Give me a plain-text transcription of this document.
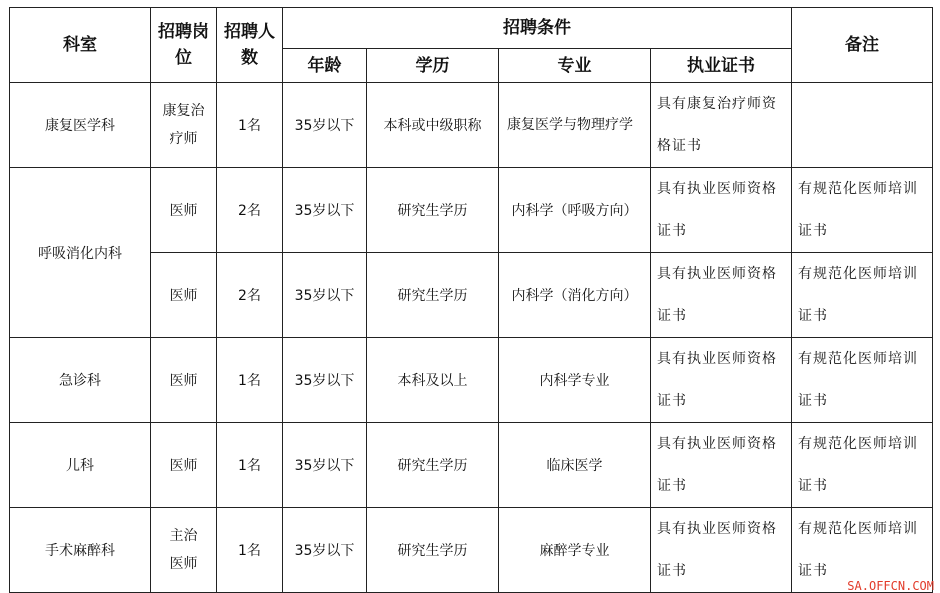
科室	招聘岗位	招聘人数	招聘条件				备注
			年龄	学历	专业	执业证书	
康复医学科	康复治疗师	1名	35岁以下	本科或中级职称	康复医学与物理疗学	具有康复治疗师资格证书	
呼吸消化内科	医师	2名	35岁以下	研究生学历	内科学（呼吸方向）	具有执业医师资格证书	有规范化医师培训证书
	医师	2名	35岁以下	研究生学历	内科学（消化方向）	具有执业医师资格证书	有规范化医师培训证书
急诊科	医师	1名	35岁以下	本科及以上	内科学专业	具有执业医师资格证书	有规范化医师培训证书
儿科	医师	1名	35岁以下	研究生学历	临床医学	具有执业医师资格证书	有规范化医师培训证书
手术麻醉科	主治医师	1名	35岁以下	研究生学历	麻醉学专业	具有执业医师资格证书	有规范化医师培训证书
SA.OFFCN.COM
